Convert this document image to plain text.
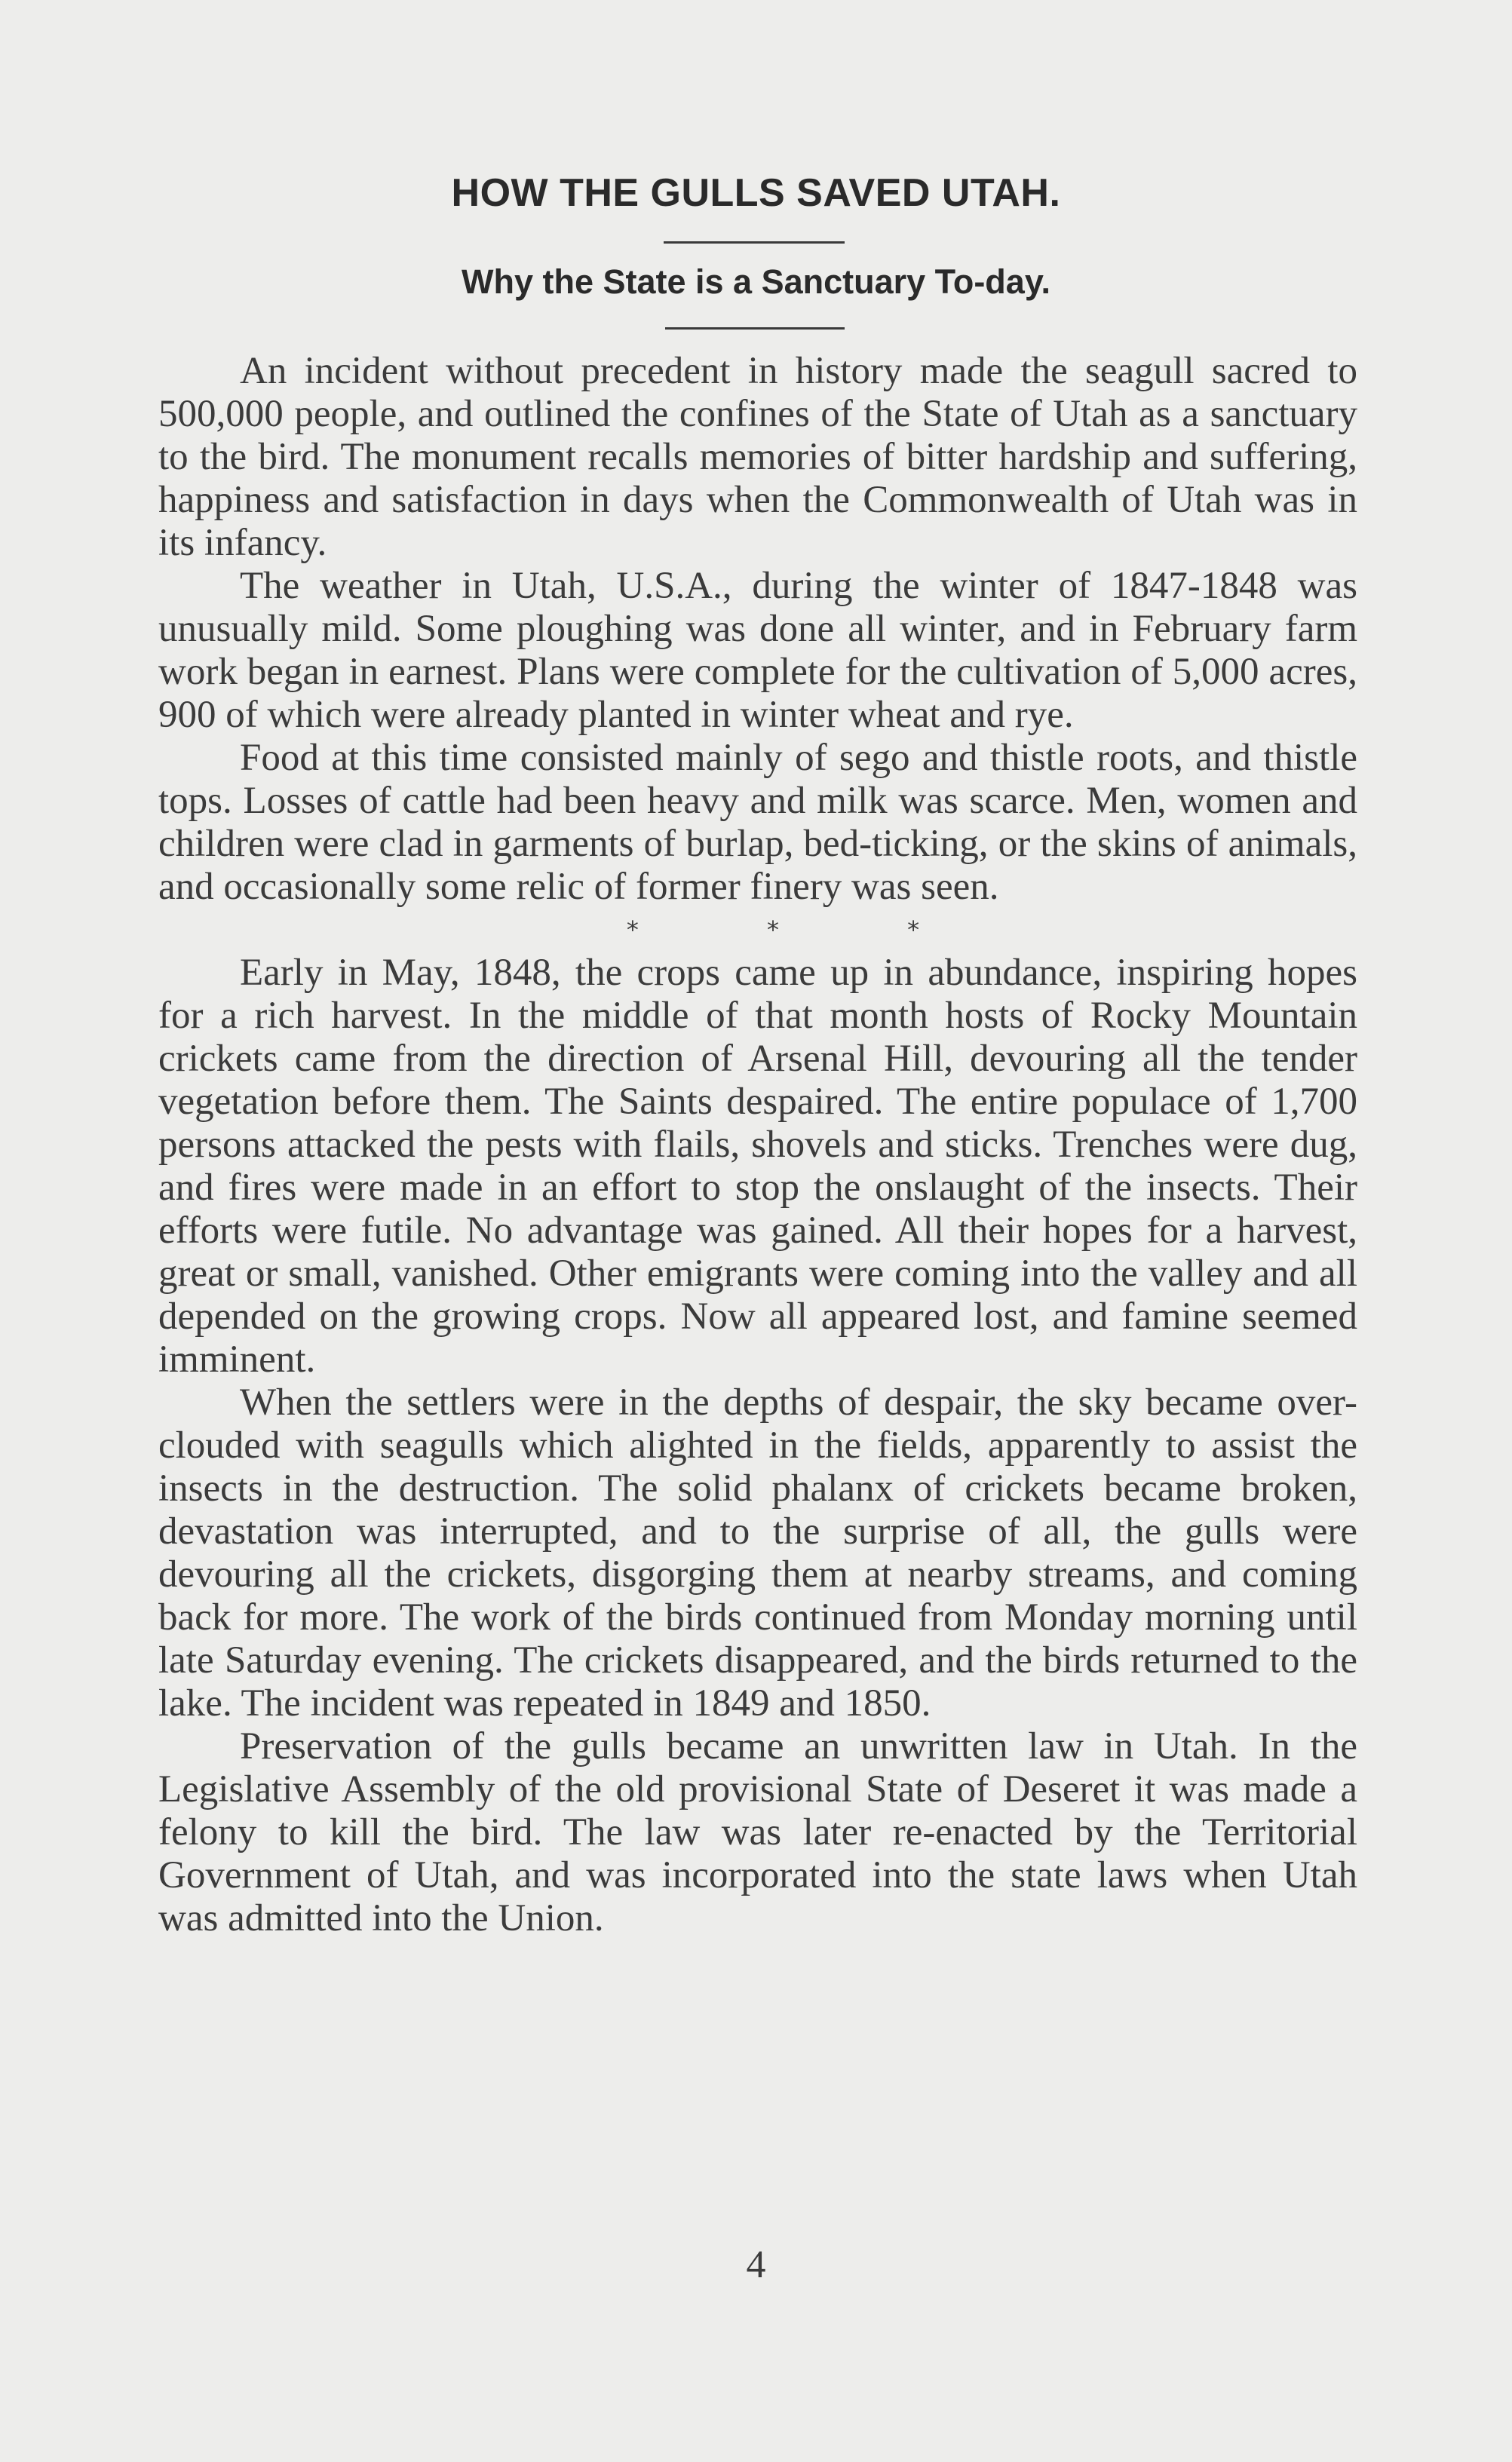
HOW THE GULLS SAVED UTAH.
Why the State is a Sanctuary To-day.

An incident without precedent in history made the seagull sacred to 500,000 people, and outlined the confines of the State of Utah as a sanctuary to the bird. The monument recalls memories of bitter hardship and suffering, happiness and satisfaction in days when the Commonwealth of Utah was in its infancy.

The weather in Utah, U.S.A., during the winter of 1847-1848 was unusually mild. Some ploughing was done all winter, and in February farm work began in earnest. Plans were complete for the cultivation of 5,000 acres, 900 of which were already planted in winter wheat and rye.

Food at this time consisted mainly of sego and thistle roots, and thistle tops. Losses of cattle had been heavy and milk was scarce. Men, women and children were clad in garments of burlap, bed-ticking, or the skins of animals, and occasionally some relic of former finery was seen.

* * *

Early in May, 1848, the crops came up in abundance, inspiring hopes for a rich harvest. In the middle of that month hosts of Rocky Mountain crickets came from the direction of Arsenal Hill, devouring all the tender vegetation before them. The Saints despaired. The entire populace of 1,700 persons attacked the pests with flails, shovels and sticks. Trenches were dug, and fires were made in an effort to stop the onslaught of the insects. Their efforts were futile. No advantage was gained. All their hopes for a harvest, great or small, vanished. Other emigrants were coming into the valley and all depended on the growing crops. Now all appeared lost, and famine seemed imminent.

When the settlers were in the depths of despair, the sky became over-clouded with seagulls which alighted in the fields, apparently to assist the insects in the destruction. The solid phalanx of crickets became broken, devastation was interrupted, and to the surprise of all, the gulls were devouring all the crickets, disgorging them at nearby streams, and coming back for more. The work of the birds continued from Monday morning until late Saturday evening. The crickets disappeared, and the birds returned to the lake. The incident was repeated in 1849 and 1850.

Preservation of the gulls became an unwritten law in Utah. In the Legislative Assembly of the old provisional State of Deseret it was made a felony to kill the bird. The law was later re-enacted by the Territorial Government of Utah, and was incorporated into the state laws when Utah was admitted into the Union.

4
